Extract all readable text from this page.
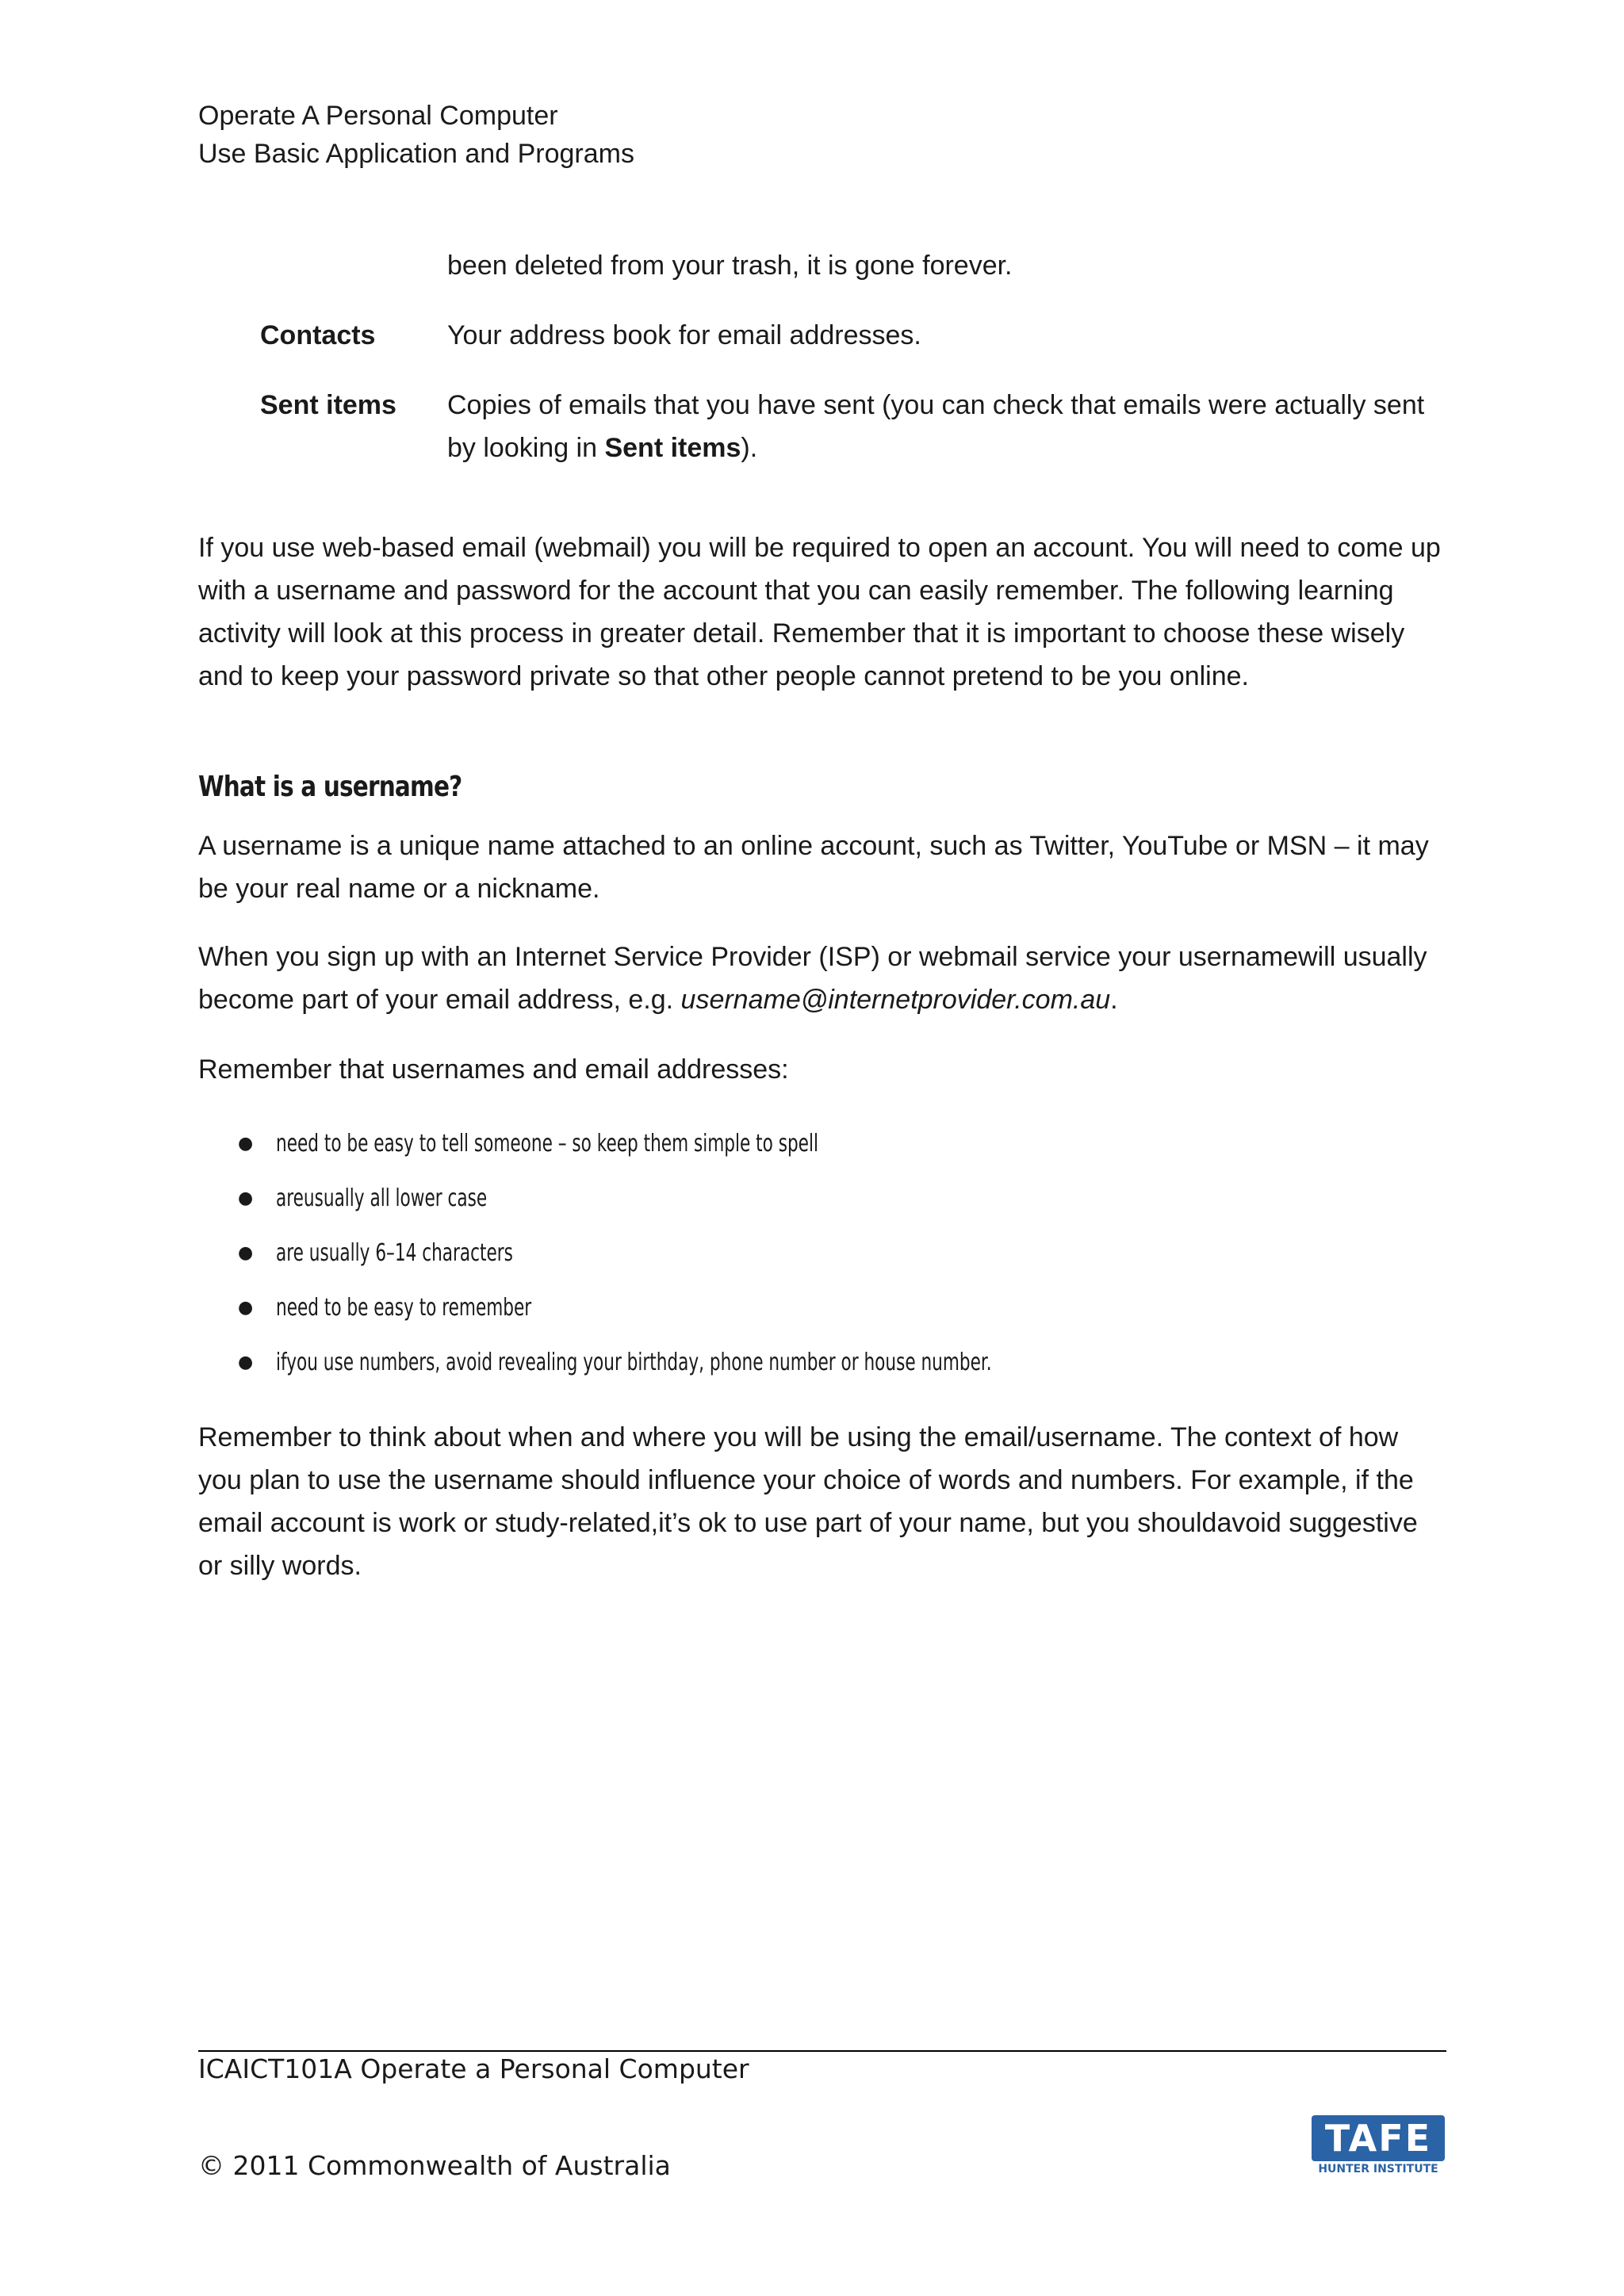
Operate A Personal Computer
Use Basic Application and Programs
been deleted from your trash, it is gone forever.
Contacts	Your address book for email addresses.
Sent items	Copies of emails that you have sent (you can check that emails were actually sent by looking in Sent items).

If you use web-based email (webmail) you will be required to open an account. You will need to come up with a username and password for the account that you can easily remember. The following learning activity will look at this process in greater detail. Remember that it is important to choose these wisely and to keep your password private so that other people cannot pretend to be you online.

What is a username?

A username is a unique name attached to an online account, such as Twitter, YouTube or MSN – it may be your real name or a nickname.

When you sign up with an Internet Service Provider (ISP) or webmail service your usernamewill usually become part of your email address, e.g. username@internetprovider.com.au.

Remember that usernames and email addresses:

● need to be easy to tell someone – so keep them simple to spell
● areusually all lower case
● are usually 6–14 characters
● need to be easy to remember
● ifyou use numbers, avoid revealing your birthday, phone number or house number.

Remember to think about when and where you will be using the email/username. The context of how you plan to use the username should influence your choice of words and numbers. For example, if the email account is work or study-related,it’s ok to use part of your name, but you shouldavoid suggestive or silly words.

ICAICT101A Operate a Personal Computer
© 2011 Commonwealth of Australia
TAFE
HUNTER INSTITUTE
